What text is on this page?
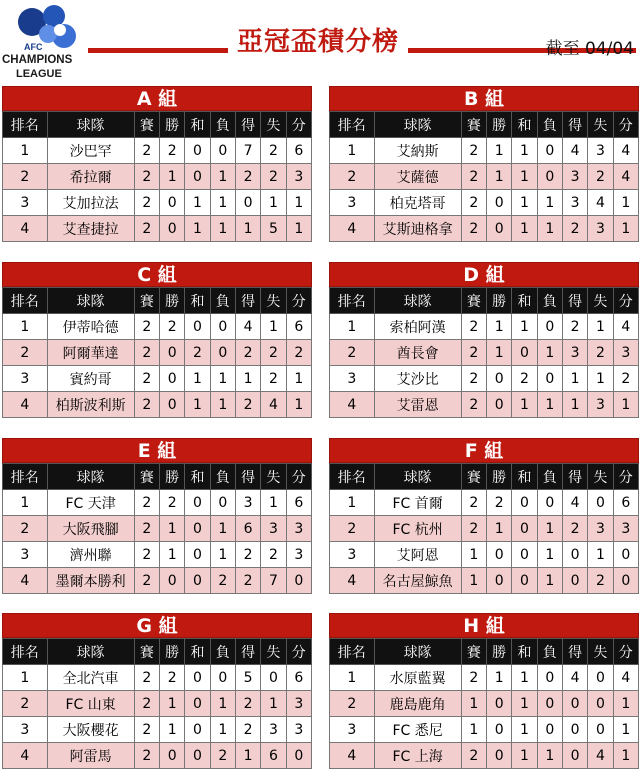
AFC
CHAMPIONS
LEAGUE
亞冠盃積分榜	截至 04/04
A 組
排名	球隊	賽	勝	和	負	得	失	分
1	沙巴罕	2	2	0	0	7	2	6
2	希拉爾	2	1	0	1	2	2	3
3	艾加拉法	2	0	1	1	0	1	1
4	艾查捷拉	2	0	1	1	1	5	1
B 組
排名	球隊	賽	勝	和	負	得	失	分
1	艾納斯	2	1	1	0	4	3	4
2	艾薩德	2	1	1	0	3	2	4
3	柏克塔哥	2	0	1	1	3	4	1
4	艾斯迪格拿	2	0	1	1	2	3	1
C 組
排名	球隊	賽	勝	和	負	得	失	分
1	伊蒂哈德	2	2	0	0	4	1	6
2	阿爾華達	2	0	2	0	2	2	2
3	賓約哥	2	0	1	1	1	2	1
4	柏斯波利斯	2	0	1	1	2	4	1
D 組
排名	球隊	賽	勝	和	負	得	失	分
1	索柏阿漢	2	1	1	0	2	1	4
2	酋長會	2	1	0	1	3	2	3
3	艾沙比	2	0	2	0	1	1	2
4	艾雷恩	2	0	1	1	1	3	1
E 組
排名	球隊	賽	勝	和	負	得	失	分
1	FC 天津	2	2	0	0	3	1	6
2	大阪飛腳	2	1	0	1	6	3	3
3	濟州聯	2	1	0	1	2	2	3
4	墨爾本勝利	2	0	0	2	2	7	0
F 組
排名	球隊	賽	勝	和	負	得	失	分
1	FC 首爾	2	2	0	0	4	0	6
2	FC 杭州	2	1	0	1	2	3	3
3	艾阿恩	1	0	0	1	0	1	0
4	名古屋鯨魚	1	0	0	1	0	2	0
G 組
排名	球隊	賽	勝	和	負	得	失	分
1	全北汽車	2	2	0	0	5	0	6
2	FC 山東	2	1	0	1	2	1	3
3	大阪櫻花	2	1	0	1	2	3	3
4	阿雷馬	2	0	0	2	1	6	0
H 組
排名	球隊	賽	勝	和	負	得	失	分
1	水原藍翼	2	1	1	0	4	0	4
2	鹿島鹿角	1	0	1	0	0	0	1
3	FC 悉尼	1	0	1	0	0	0	1
4	FC 上海	2	0	1	1	0	4	1
